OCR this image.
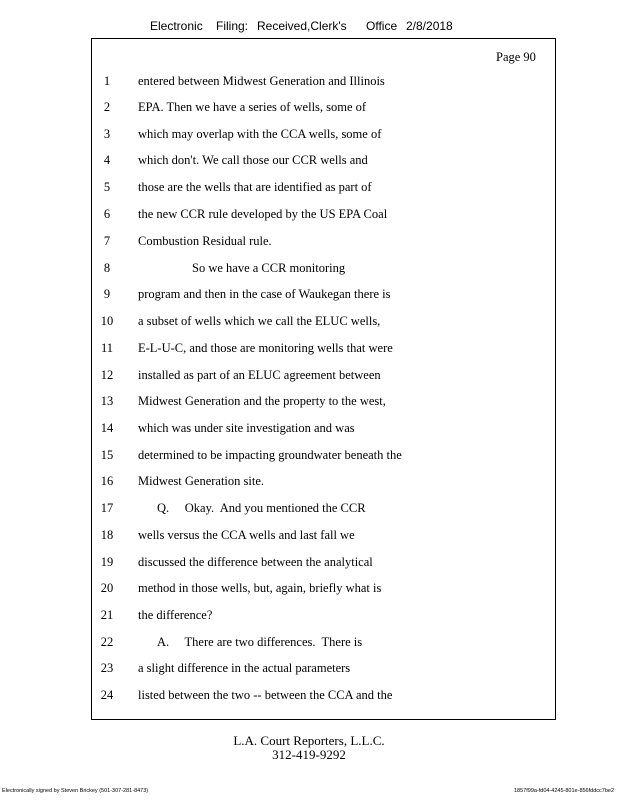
Electronic Filing: Received,Clerk's Office 2/8/2018
Page 90
1	entered between Midwest Generation and Illinois
2	EPA. Then we have a series of wells, some of
3	which may overlap with the CCA wells, some of
4	which don't. We call those our CCR wells and
5	those are the wells that are identified as part of
6	the new CCR rule developed by the US EPA Coal
7	Combustion Residual rule.
8	So we have a CCR monitoring
9	program and then in the case of Waukegan there is
10 a subset of wells which we call the ELUC wells,
11 E-L-U-C, and those are monitoring wells that were
12 installed as part of an ELUC agreement between
13 Midwest Generation and the property to the west,
14 which was under site investigation and was
15 determined to be impacting groundwater beneath the
16 Midwest Generation site.
17	Q.     Okay.  And you mentioned the CCR
18 wells versus the CCA wells and last fall we
19 discussed the difference between the analytical
20 method in those wells, but, again, briefly what is
21 the difference?
22	A.     There are two differences.  There is
23 a slight difference in the actual parameters
24 listed between the two -- between the CCA and the
L.A. Court Reporters, L.L.C.
312-419-9292
Electronically signed by Steven Brickey (501-307-281-8473)	1857f99a-fd04-4245-801e-856fddcc7be2
